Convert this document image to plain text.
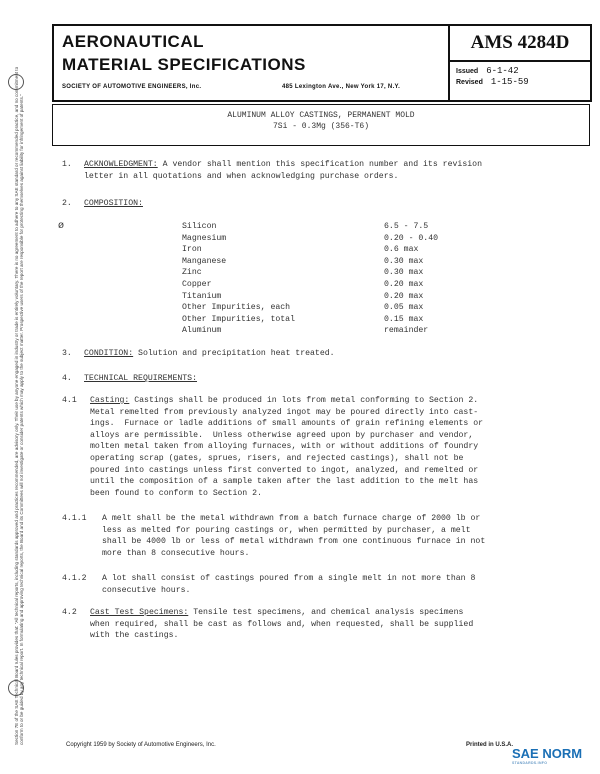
Section 7E of the SAE Technical Board rules provides that: "All technical reports, including standards approved and practices recommended, are advisory only. Their use by anyone engaged in industry or trade is entirely voluntary. There is no agreement to adhere to any SAE standard or recommended practice, and no commitment to conform to or be guided by any technical report. In formulating and approving technical reports, the Board and its Committees will not investigate or consider patents which may apply to the subject matter. Prospective users of the report are responsible for protecting themselves against liability for infringement of patents."
AERONAUTICAL
MATERIAL SPECIFICATIONS
SOCIETY OF AUTOMOTIVE ENGINEERS, Inc.	485 Lexington Ave., New York 17, N.Y.
AMS 4284D
Issued 6-1-42
Revised 1-15-59
ALUMINUM ALLOY CASTINGS, PERMANENT MOLD
7Si - 0.3Mg (356-T6)
1. ACKNOWLEDGMENT: A vendor shall mention this specification number and its revision
letter in all quotations and when acknowledging purchase orders.
2. COMPOSITION:
ø	Silicon	6.5 - 7.5
Magnesium	0.20 - 0.40
Iron	0.6 max
Manganese	0.30 max
Zinc	0.30 max
Copper	0.20 max
Titanium	0.20 max
Other Impurities, each	0.05 max
Other Impurities, total	0.15 max
Aluminum	remainder
3. CONDITION: Solution and precipitation heat treated.
4. TECHNICAL REQUIREMENTS:
4.1 Casting: Castings shall be produced in lots from metal conforming to Section 2.
Metal remelted from previously analyzed ingot may be poured directly into cast-
ings.  Furnace or ladle additions of small amounts of grain refining elements or
alloys are permissible.  Unless otherwise agreed upon by purchaser and vendor,
molten metal taken from alloying furnaces, with or without additions of foundry
operating scrap (gates, sprues, risers, and rejected castings), shall not be
poured into castings unless first converted to ingot, analyzed, and remelted or
until the composition of a sample taken after the last addition to the melt has
been found to conform to Section 2.
4.1.1 A melt shall be the metal withdrawn from a batch furnace charge of 2000 lb or
less as melted for pouring castings or, when permitted by purchaser, a melt
shall be 4000 lb or less of metal withdrawn from one continuous furnace in not
more than 8 consecutive hours.
4.1.2 A lot shall consist of castings poured from a single melt in not more than 8
consecutive hours.
4.2 Cast Test Specimens: Tensile test specimens, and chemical analysis specimens
when required, shall be cast as follows and, when requested, shall be supplied
with the castings.
Copyright 1959 by Society of Automotive Engineers, Inc.	Printed in U.S.A.
SAE NORM
STANDARDS.INFO
